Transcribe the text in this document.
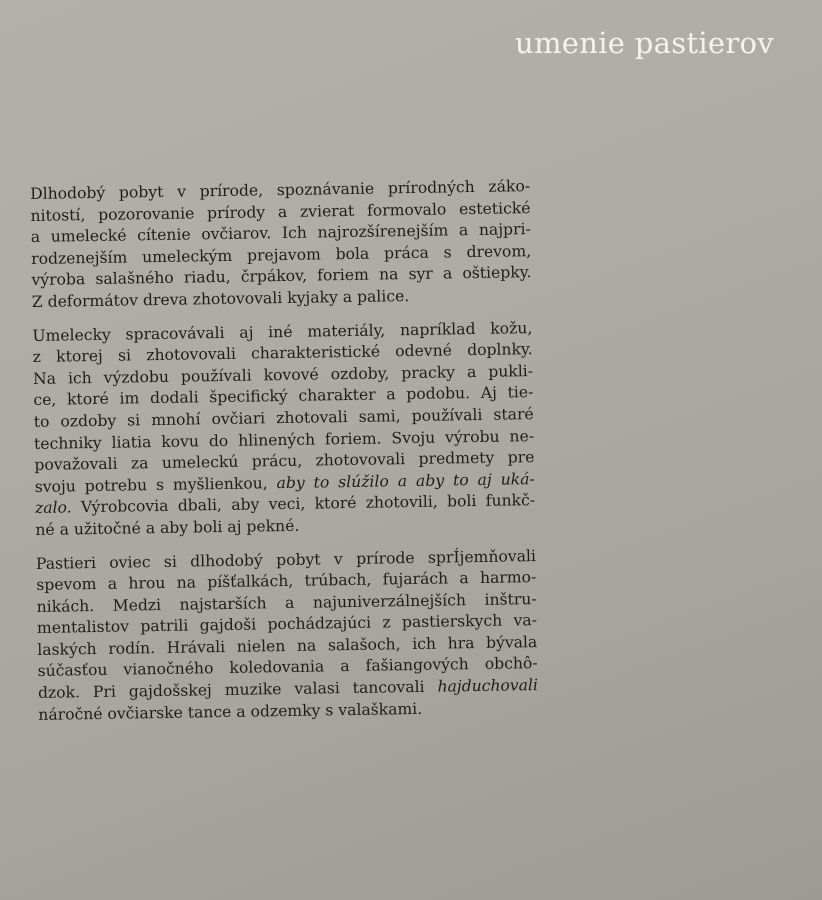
umenie pastierov

Dlhodobý pobyt v prírode, spoznávanie prírodných záko-
nitostí, pozorovanie prírody a zvierat formovalo estetické
a umelecké cítenie ovčiarov. Ich najrozšírenejším a najpri-
rodzenejším umeleckým prejavom bola práca s drevom,
výroba salašného riadu, črpákov, foriem na syr a oštiepky.
Z deformátov dreva zhotovovali kyjaky a palice.

Umelecky spracovávali aj iné materiály, napríklad kožu,
z ktorej si zhotovovali charakteristické odevné doplnky.
Na ich výzdobu používali kovové ozdoby, pracky a pukli-
ce, ktoré im dodali špecifický charakter a podobu. Aj tie-
to ozdoby si mnohí ovčiari zhotovali sami, používali staré
techniky liatia kovu do hlinených foriem. Svoju výrobu ne-
považovali za umeleckú prácu, zhotovovali predmety pre
svoju potrebu s myšlienkou, aby to slúžilo a aby to aj uká-
zalo. Výrobcovia dbali, aby veci, ktoré zhotovili, boli funkč-
né a užitočné a aby boli aj pekné.

Pastieri oviec si dlhodobý pobyt v prírode sprÍjemňovali
spevom a hrou na píšťalkách, trúbach, fujarách a harmo-
nikách. Medzi najstarších a najuniverzálnejších inštru-
mentalistov patrili gajdoši pochádzajúci z pastierskych va-
laských rodín. Hrávali nielen na salašoch, ich hra bývala
súčasťou vianočného koledovania a fašiangových obchô-
dzok. Pri gajdošskej muzike valasi tancovali hajduchovali
náročné ovčiarske tance a odzemky s valaškami.
